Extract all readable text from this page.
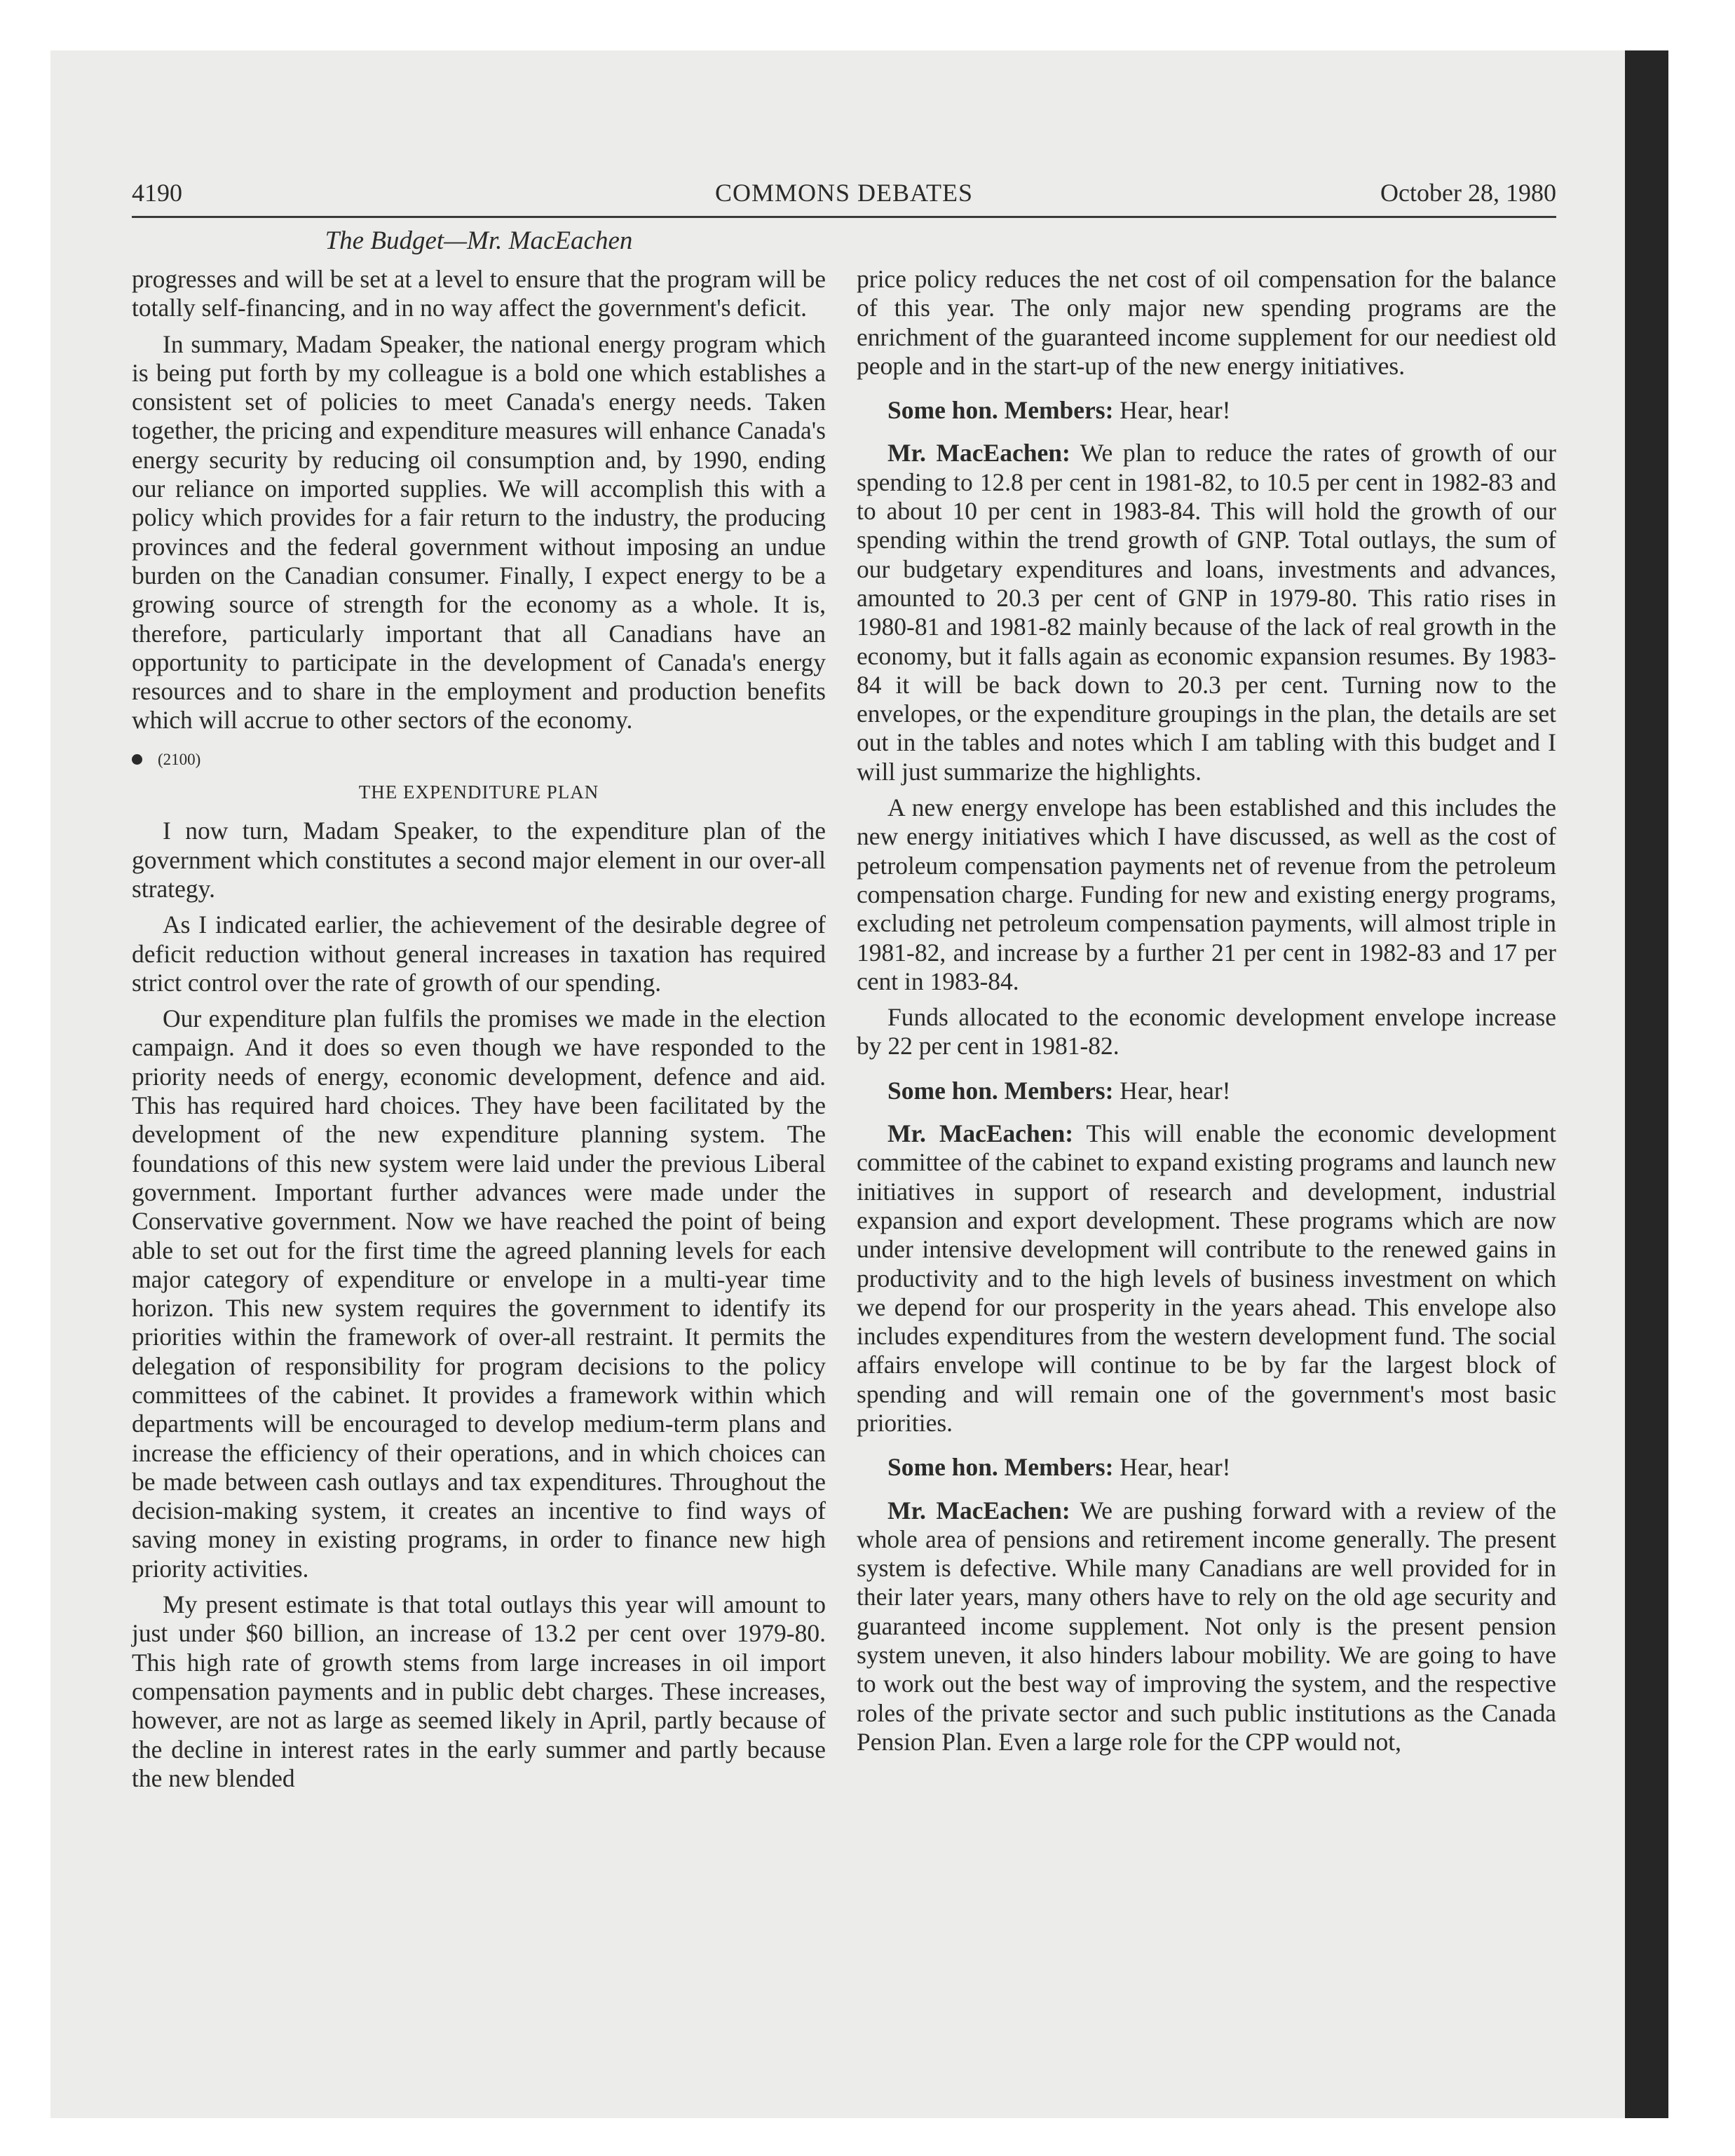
4190	COMMONS DEBATES	October 28, 1980
The Budget—Mr. MacEachen

progresses and will be set at a level to ensure that the program will be totally self-financing, and in no way affect the government's deficit.

In summary, Madam Speaker, the national energy program which is being put forth by my colleague is a bold one which establishes a consistent set of policies to meet Canada's energy needs. Taken together, the pricing and expenditure measures will enhance Canada's energy security by reducing oil consumption and, by 1990, ending our reliance on imported supplies. We will accomplish this with a policy which provides for a fair return to the industry, the producing provinces and the federal government without imposing an undue burden on the Canadian consumer. Finally, I expect energy to be a growing source of strength for the economy as a whole. It is, therefore, particularly important that all Canadians have an opportunity to participate in the development of Canada's energy resources and to share in the employment and production benefits which will accrue to other sectors of the economy.

(2100)
THE EXPENDITURE PLAN

I now turn, Madam Speaker, to the expenditure plan of the government which constitutes a second major element in our over-all strategy.

As I indicated earlier, the achievement of the desirable degree of deficit reduction without general increases in taxation has required strict control over the rate of growth of our spending.

Our expenditure plan fulfils the promises we made in the election campaign. And it does so even though we have responded to the priority needs of energy, economic development, defence and aid. This has required hard choices. They have been facilitated by the development of the new expenditure planning system. The foundations of this new system were laid under the previous Liberal government. Important further advances were made under the Conservative government. Now we have reached the point of being able to set out for the first time the agreed planning levels for each major category of expenditure or envelope in a multi-year time horizon. This new system requires the government to identify its priorities within the framework of over-all restraint. It permits the delegation of responsibility for program decisions to the policy committees of the cabinet. It provides a framework within which departments will be encouraged to develop medium-term plans and increase the efficiency of their operations, and in which choices can be made between cash outlays and tax expenditures. Throughout the decision-making system, it creates an incentive to find ways of saving money in existing programs, in order to finance new high priority activities.

My present estimate is that total outlays this year will amount to just under $60 billion, an increase of 13.2 per cent over 1979-80. This high rate of growth stems from large increases in oil import compensation payments and in public debt charges. These increases, however, are not as large as seemed likely in April, partly because of the decline in interest rates in the early summer and partly because the new blended

price policy reduces the net cost of oil compensation for the balance of this year. The only major new spending programs are the enrichment of the guaranteed income supplement for our neediest old people and in the start-up of the new energy initiatives.

Some hon. Members: Hear, hear!

Mr. MacEachen: We plan to reduce the rates of growth of our spending to 12.8 per cent in 1981-82, to 10.5 per cent in 1982-83 and to about 10 per cent in 1983-84. This will hold the growth of our spending within the trend growth of GNP. Total outlays, the sum of our budgetary expenditures and loans, investments and advances, amounted to 20.3 per cent of GNP in 1979-80. This ratio rises in 1980-81 and 1981-82 mainly because of the lack of real growth in the economy, but it falls again as economic expansion resumes. By 1983-84 it will be back down to 20.3 per cent. Turning now to the envelopes, or the expenditure groupings in the plan, the details are set out in the tables and notes which I am tabling with this budget and I will just summarize the highlights.

A new energy envelope has been established and this includes the new energy initiatives which I have discussed, as well as the cost of petroleum compensation payments net of revenue from the petroleum compensation charge. Funding for new and existing energy programs, excluding net petroleum compensation payments, will almost triple in 1981-82, and increase by a further 21 per cent in 1982-83 and 17 per cent in 1983-84.

Funds allocated to the economic development envelope increase by 22 per cent in 1981-82.

Some hon. Members: Hear, hear!

Mr. MacEachen: This will enable the economic development committee of the cabinet to expand existing programs and launch new initiatives in support of research and development, industrial expansion and export development. These programs which are now under intensive development will contribute to the renewed gains in productivity and to the high levels of business investment on which we depend for our prosperity in the years ahead. This envelope also includes expenditures from the western development fund. The social affairs envelope will continue to be by far the largest block of spending and will remain one of the government's most basic priorities.

Some hon. Members: Hear, hear!

Mr. MacEachen: We are pushing forward with a review of the whole area of pensions and retirement income generally. The present system is defective. While many Canadians are well provided for in their later years, many others have to rely on the old age security and guaranteed income supplement. Not only is the present pension system uneven, it also hinders labour mobility. We are going to have to work out the best way of improving the system, and the respective roles of the private sector and such public institutions as the Canada Pension Plan. Even a large role for the CPP would not,
